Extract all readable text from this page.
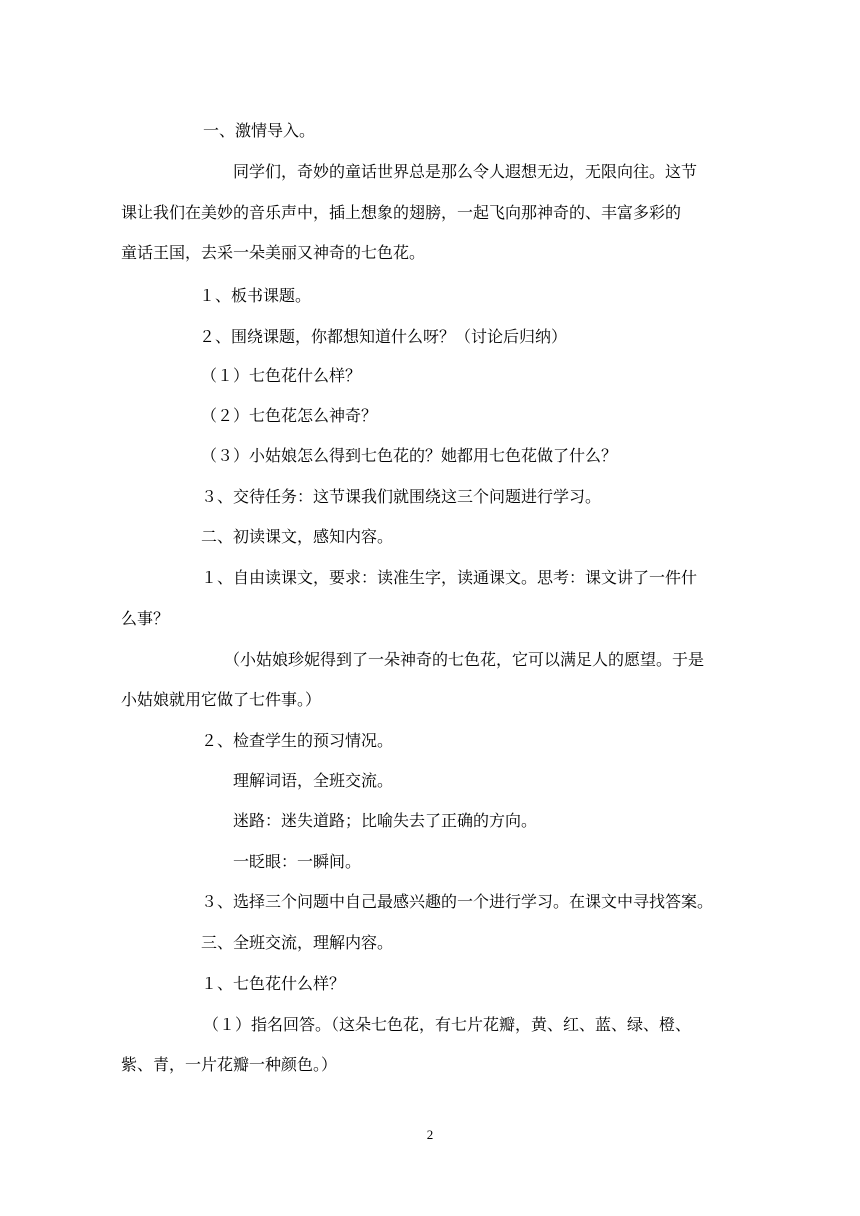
一、激情导入。
同学们，奇妙的童话世界总是那么令人遐想无边，无限向往。这节
课让我们在美妙的音乐声中，插上想象的翅膀，一起飞向那神奇的、丰富多彩的
童话王国，去采一朵美丽又神奇的七色花。
１、板书课题。
２、围绕课题，你都想知道什么呀？（讨论后归纳）
（１）七色花什么样？
（２）七色花怎么神奇？
（３）小姑娘怎么得到七色花的？她都用七色花做了什么？
３、交待任务：这节课我们就围绕这三个问题进行学习。
二、初读课文，感知内容。
１、自由读课文，要求：读准生字，读通课文。思考：课文讲了一件什
么事？
（小姑娘珍妮得到了一朵神奇的七色花，它可以满足人的愿望。于是
小姑娘就用它做了七件事。）
２、检查学生的预习情况。
理解词语，全班交流。
迷路：迷失道路；比喻失去了正确的方向。
一眨眼：一瞬间。
３、选择三个问题中自己最感兴趣的一个进行学习。在课文中寻找答案。
三、全班交流，理解内容。
１、七色花什么样？
（１）指名回答。（这朵七色花，有七片花瓣，黄、红、蓝、绿、橙、
紫、青，一片花瓣一种颜色。）
2
